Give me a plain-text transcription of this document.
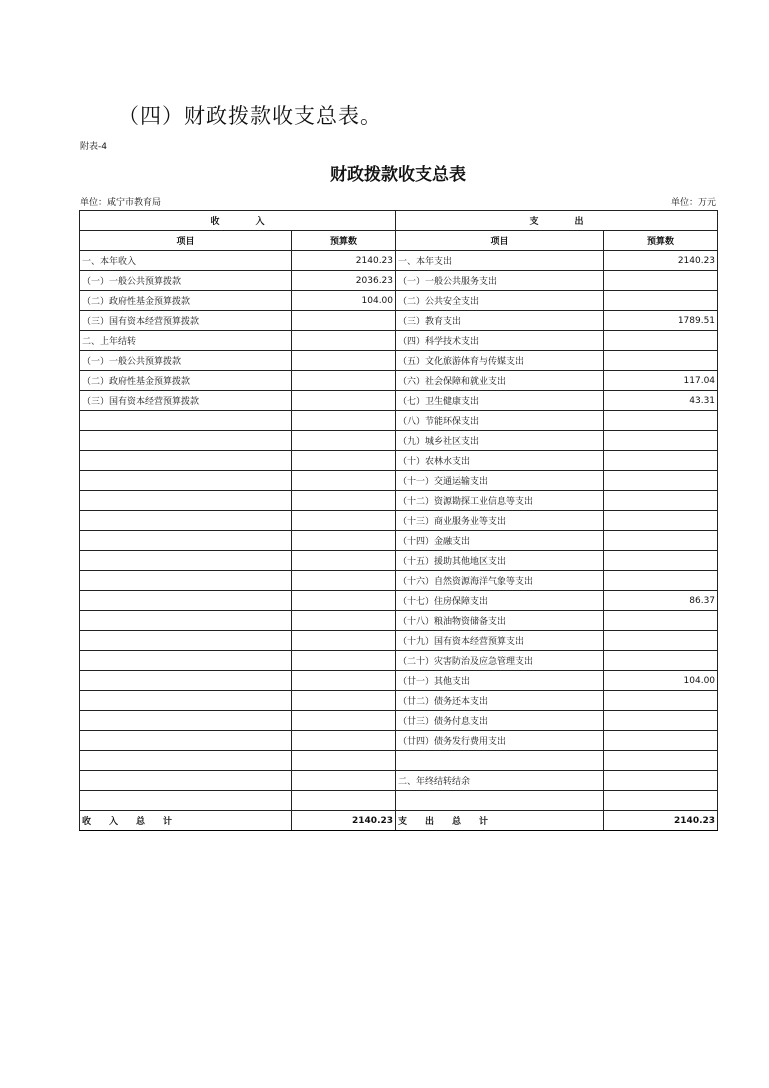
（四）财政拨款收支总表。
附表-4
财政拨款收支总表
单位：咸宁市教育局	单位：万元
收　　　　入		支　　　　出	
项目	预算数	项目	预算数
一、本年收入	2140.23	一、本年支出	2140.23
（一）一般公共预算拨款	2036.23	（一）一般公共服务支出	
（二）政府性基金预算拨款	104.00	（二）公共安全支出	
（三）国有资本经营预算拨款		（三）教育支出	1789.51
二、上年结转		（四）科学技术支出	
（一）一般公共预算拨款		（五）文化旅游体育与传媒支出	
（二）政府性基金预算拨款		（六）社会保障和就业支出	117.04
（三）国有资本经营预算拨款		（七）卫生健康支出	43.31
		（八）节能环保支出	
		（九）城乡社区支出	
		（十）农林水支出	
		（十一）交通运输支出	
		（十二）资源勘探工业信息等支出	
		（十三）商业服务业等支出	
		（十四）金融支出	
		（十五）援助其他地区支出	
		（十六）自然资源海洋气象等支出	
		（十七）住房保障支出	86.37
		（十八）粮油物资储备支出	
		（十九）国有资本经营预算支出	
		（二十）灾害防治及应急管理支出	
		（廿一）其他支出	104.00
		（廿二）债务还本支出	
		（廿三）债务付息支出	
		（廿四）债务发行费用支出	

		二、年终结转结余	

收　　入　　总　　计	2140.23	支　　出　　总　　计	2140.23
